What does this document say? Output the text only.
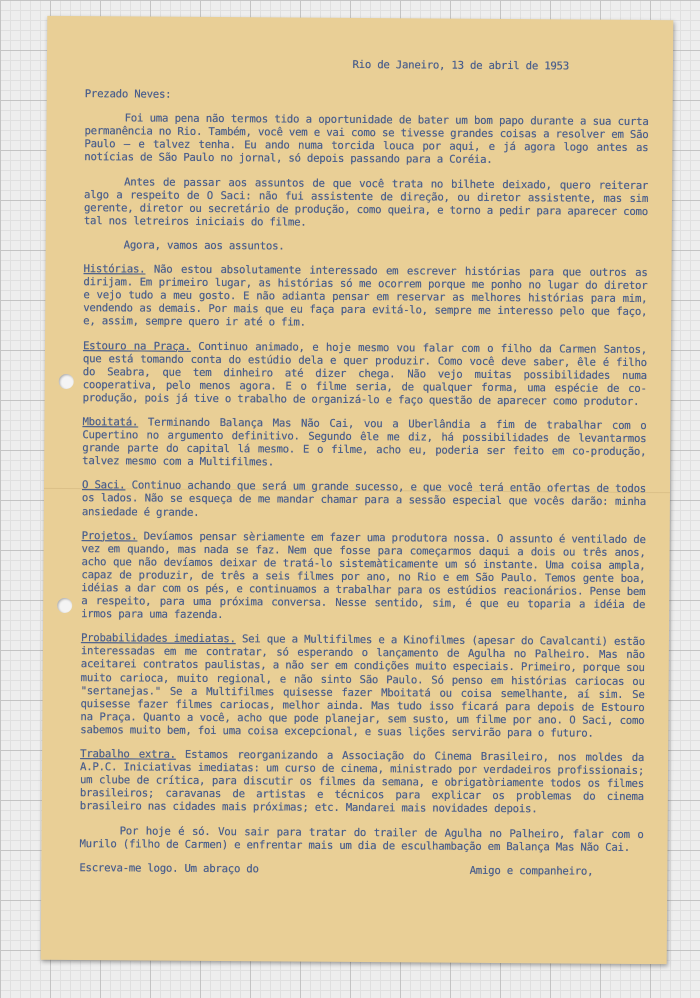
Rio de Janeiro, 13 de abril de 1953
Prezado Neves:
Foi uma pena não termos tido a oportunidade de bater um bom papo durante a sua curta permanência no Rio. Também, você vem e vai como se tivesse grandes coisas a resolver em São Paulo — e talvez tenha. Eu ando numa torcida louca por aqui, e já agora logo antes as notícias de São Paulo no jornal, só depois passando para a Coréia.
Antes de passar aos assuntos de que você trata no bilhete deixado, quero reiterar algo a respeito de O Saci: não fui assistente de direção, ou diretor assistente, mas sim gerente, diretor ou secretário de produção, como queira, e torno a pedir para aparecer como tal nos letreiros iniciais do filme.
Agora, vamos aos assuntos.
Histórias. Não estou absolutamente interessado em escrever histórias para que outros as dirijam. Em primeiro lugar, as histórias só me ocorrem porque me ponho no lugar do diretor e vejo tudo a meu gosto. E não adianta pensar em reservar as melhores histórias para mim, vendendo as demais. Por mais que eu faça para evitá-lo, sempre me interesso pelo que faço, e, assim, sempre quero ir até o fim.
Estouro na Praça. Continuo animado, e hoje mesmo vou falar com o filho da Carmen Santos, que está tomando conta do estúdio dela e quer produzir. Como você deve saber, êle é filho do Seabra, que tem dinheiro até dizer chega. Não vejo muitas possibilidades numa cooperativa, pelo menos agora. E o filme seria, de qualquer forma, uma espécie de co-produção, pois já tive o trabalho de organizá-lo e faço questão de aparecer como produtor.
Mboitatá. Terminando Balança Mas Não Cai, vou a Uberlândia a fim de trabalhar com o Cupertino no argumento definitivo. Segundo êle me diz, há possibilidades de levantarmos grande parte do capital lá mesmo. E o filme, acho eu, poderia ser feito em co-produção, talvez mesmo com a Multifilmes.
O Saci. Continuo achando que será um grande sucesso, e que você terá então ofertas de todos os lados. Não se esqueça de me mandar chamar para a sessão especial que vocês darão: minha ansiedade é grande.
Projetos. Devíamos pensar sèriamente em fazer uma produtora nossa. O assunto é ventilado de vez em quando, mas nada se faz. Nem que fosse para começarmos daqui a dois ou três anos, acho que não devíamos deixar de tratá-lo sistemàticamente um só instante. Uma coisa ampla, capaz de produzir, de três a seis filmes por ano, no Rio e em São Paulo. Temos gente boa, idéias a dar com os pés, e continuamos a trabalhar para os estúdios reacionários. Pense bem a respeito, para uma próxima conversa. Nesse sentido, sim, é que eu toparia a idéia de irmos para uma fazenda.
Probabilidades imediatas. Sei que a Multifilmes e a Kinofilmes (apesar do Cavalcanti) estão interessadas em me contratar, só esperando o lançamento de Agulha no Palheiro. Mas não aceitarei contratos paulistas, a não ser em condições muito especiais. Primeiro, porque sou muito carioca, muito regional, e não sinto São Paulo. Só penso em histórias cariocas ou "sertanejas." Se a Multifilmes quisesse fazer Mboitatá ou coisa semelhante, aí sim. Se quisesse fazer filmes cariocas, melhor ainda. Mas tudo isso ficará para depois de Estouro na Praça. Quanto a você, acho que pode planejar, sem susto, um filme por ano. O Saci, como sabemos muito bem, foi uma coisa excepcional, e suas lições servirão para o futuro.
Trabalho extra. Estamos reorganizando a Associação do Cinema Brasileiro, nos moldes da A.P.C. Iniciativas imediatas: um curso de cinema, ministrado por verdadeiros profissionais; um clube de crítica, para discutir os filmes da semana, e obrigatòriamente todos os filmes brasileiros; caravanas de artistas e técnicos para explicar os problemas do cinema brasileiro nas cidades mais próximas; etc. Mandarei mais novidades depois.
Por hoje é só. Vou sair para tratar do trailer de Agulha no Palheiro, falar com o Murilo (filho de Carmen) e enfrentar mais um dia de esculhambação em Balança Mas Não Cai.
Escreva-me logo. Um abraço do	Amigo e companheiro,
